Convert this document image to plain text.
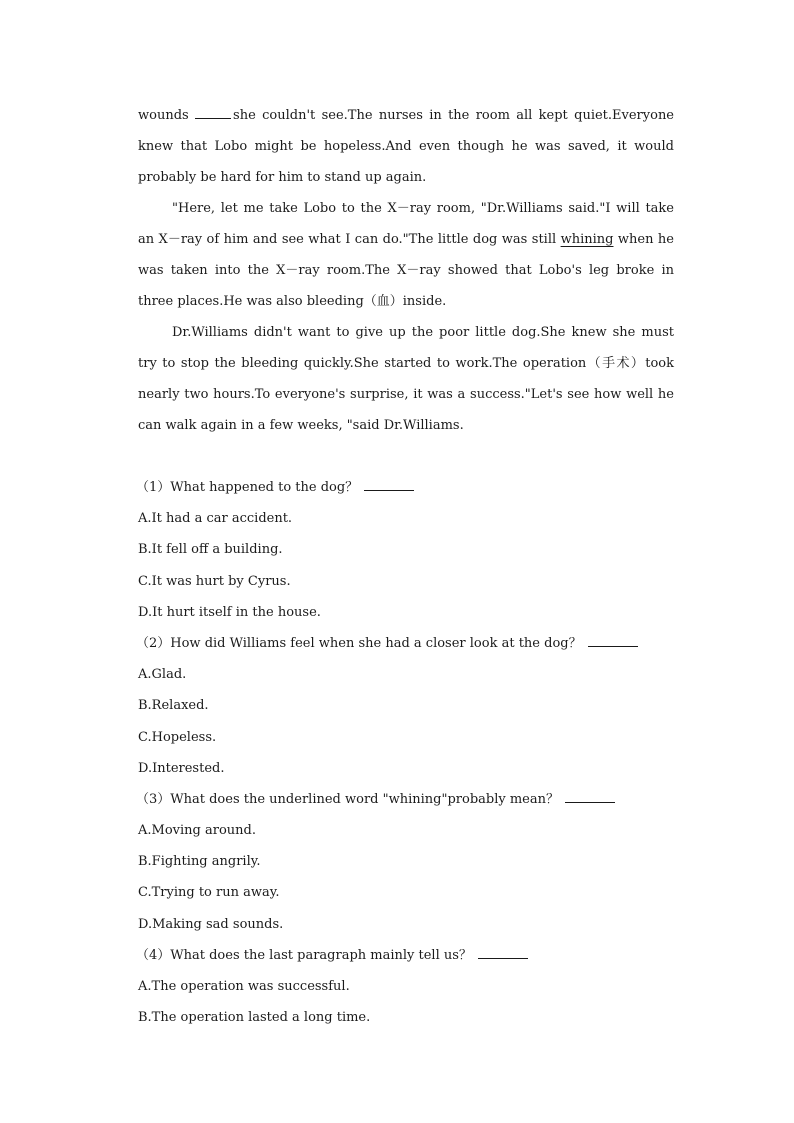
wounds	she couldn't see.The nurses in the room all kept quiet.Everyone knew that Lobo might be hopeless.And even though he was saved, it would probably be hard for him to stand up again.

"Here, let me take Lobo to the X－ray room, "Dr.Williams said."I will take an X－ray of him and see what I can do."The little dog was still whining when he was taken into the X－ray room.The X－ray showed that Lobo's leg broke in three places.He was also bleeding（血）inside.

Dr.Williams didn't want to give up the poor little dog.She knew she must try to stop the bleeding quickly.She started to work.The operation（手术）took nearly two hours.To everyone's surprise, it was a success."Let's see how well he can walk again in a few weeks, "said Dr.Williams.

（1）What happened to the dog？
A.It had a car accident.
B.It fell off a building.
C.It was hurt by Cyrus.
D.It hurt itself in the house.
（2）How did Williams feel when she had a closer look at the dog？
A.Glad.
B.Relaxed.
C.Hopeless.
D.Interested.
（3）What does the underlined word "whining"probably mean？
A.Moving around.
B.Fighting angrily.
C.Trying to run away.
D.Making sad sounds.
（4）What does the last paragraph mainly tell us？
A.The operation was successful.
B.The operation lasted a long time.
